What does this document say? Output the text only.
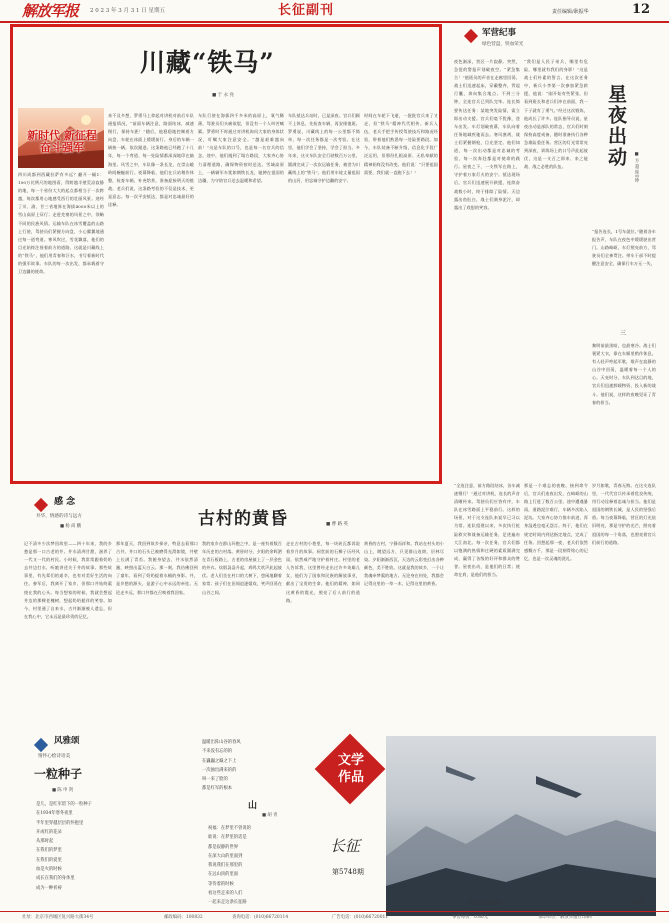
解放军报 2 0 2 3 年 3 月 3 1 日 星期五	长征副刊	责任编辑/耿振华	12
川藏“铁马”
■ 于 永 亮
新时代 新征程 奋斗强军
四川成都到西藏拉萨有多远？翻开一幅1：100万比例尺的地图看，得跨越半壁荒凉寂静的地，每一个省份大大的起点都相当于一次跨越，每次都用心地感受西行的壮丽风景。途经了川、渝、甘三省地界在海拔4000米以上的雪山高原上穿行；走进羌寨的风景之中，领略不同的民族风情。运输车队在冰雪覆盖的山路上行驶，驾驶员们紧握方向盘，小心翼翼地通过每一道弯道。寒风吹过，雪花飘落，他们的目光始终注视着前方的道路。这就是川藏线上的“铁马”，他们用青春和汗水，书写着新时代的强军故事。车队的每一次出发，都承载着守卫边疆的使命。
来不及多想，罗勇马上拿起对讲机对前后车队通报情况，“前面车辆注意，路面结冰，减速慢行，保持车距！”随后，他稳稳地控制着方向盘，车轮在冰面上缓缓前行。身后的车辆一辆接一辆，依次跟进。这条路他已经跑了十几年，每一个弯道、每一处险情都深深地印在脑海里。风雪之中，车队像一条长龙，在崇山峻岭间蜿蜒前行。夜幕降临，他们在兵站稍作休整，检查车辆，补充给养，准备迎接明天的挑战。老兵们说，这条路考验的不仅是技术，更是意志。每一次平安抵达，都是对忠诚最好的诠释。
车队行驶在海拔四千多米的高原上，氧气稀薄，驾驶员们头痛欲裂，但没有一个人叫苦喊累。罗勇时不时通过对讲机询问大家的身体状况，叮嘱大家注意安全。“越是艰难越向前！”这是车队的口号，也是每一名官兵的信念。途中，他们遇到了塌方路段，大家齐心协力清理道路，确保物资按时送达。雪域高原上，一辆辆军车犹如钢铁长龙，驰骋在祖国的边疆，为守防官兵送去温暖和希望。
车队抵达兵站时，已是深夜。官兵们顾不上休息，先检查车辆，再安排值班。罗勇说，川藏线上的每一公里都不简单，每一次任务都是一次考验。在这里，他们学会了坚持，学会了担当。多年来，这支车队安全行驶数百万公里，圆满完成了一次次运输任务，被誉为川藏线上的“铁马”。他们用车轮丈量祖国的山河，用忠诚守护边疆的安宁。
时间在车轮下飞逝，一批批官兵来了又走，但“铁马”精神代代相传。新兵入伍，老兵手把手传授驾驶技巧和路况经验，带着他们熟悉每一处险要路段。如今，车队装备不断升级，信息化手段广泛运用，但那份扎根高原、无私奉献的精神始终没有改变。他们说：“只要祖国需要，我们就一直跑下去！”
军营纪事
绿色营盘，铁血荣光
夜色渐深，营区一片寂静。突然，急促的警报声划破夜空。“紧急集合！”值班员的声音在走廊里回荡。战士们迅速起床，穿戴整齐，背起行囊，奔向集合地点。不到三分钟，全连官兵已列队完毕。连长简要传达任务：某地突发险情，需立即出动支援。官兵们毫不犹豫，登车出发。车灯划破夜幕，车队向着任务地域疾驰而去。寒风凛冽，战士们紧握钢枪，目光坚定。他们知道，每一次出动都是对忠诚的考验，每一次奔赴都是对使命的践行。星夜之下，一支铁军在路上，守护着万家灯火的安宁。抵达现场后，官兵们迅速展开救援，连续奋战数小时，终于排除了险情。天边露出鱼肚白，战士们满身泥泞，却露出了欣慰的笑容。
“我们是人民子弟兵，哪里有危险，哪里就有我们的身影！”这是战士们朴素的誓言。在这次任务中，新兵小李第一次参加紧急救援，他说：“刚开始有些紧张，但看到班长和老兵们冲在前面，我一下子就有了勇气。”经过这次锻炼，他成长了许多。连队指导员说，星夜出动是部队的常态，官兵们时刻保持高度戒备，随时准备执行各种急难险重任务。营区的灯光常常亮到深夜，训练场上的口号声此起彼伏，这是一支召之即来、来之能战、战之必胜的队伍。	星夜出动	■ 方 超 崔中坤
“报告连长，1号车就位。”随着各车报告声，车队在夜色中缓缓驶出营门。山路崎岖，车灯照亮前方，驾驶员们全神贯注。带车干部不时提醒注意安全，确保行车万无一失。
三
黎明前最黑暗，也最寒冷。战士们裹紧大衣，靠在车厢里稍作休息。有人轻声哼起军歌，歌声在寂静的山谷中回荡，温暖着每一个人的心。天亮时分，车队到达目的地，官兵们迅速卸载物资，投入新的战斗。他们说，这样的夜晚见证了青春的担当。
“全连注意，前方路段结冰，各车减速慢行！”通过对讲机，连长的声音清晰传来。驾驶员们应答有序，车队在冰雪路面上平稳前行。这样的场景，对于这支连队来说早已习以为常。连队组建以来，多次执行抢险救灾和战备运输任务，足迹遍布大江南北。每一次任务，官兵们都以饱满的热情和过硬的素质圆满完成，赢得了各级的好评和群众的赞誉。星夜出动，是他们的日常；使命在肩，是他们的担当。
那是一个难忘的夜晚。接到命令后，官兵们连夜出发，在崎岖的山路上行进了数百公里。途中遭遇暴雨，道路泥泞难行，车辆多次陷入泥坑。大家齐心协力推车前进，浑身湿透也毫无怨言。终于，他们在规定时间内到达指定地点，完成了任务。回想起那一夜，老兵们依然感慨万千，那是一段刻骨铭心的记忆，也是一次灵魂的洗礼。
岁月如歌，青春无悔。在这支连队里，一代代官兵传承着优良传统，用行动诠释着忠诚与担当。他们是祖国的钢铁长城，是人民的坚强后盾。每当夜幕降临，营区的灯光依旧明亮，那是守护的光芒，照亮着祖国的每一个角落，也照亮着官兵们前行的道路。
感 念
井华，情感的诗与远方
■ 杨 尚 鹏
记不清多少次梦回故里——四十年来，我的乡愁是那一口古老的井。井水清冽甘甜，滋养了一代又一代的村民。小时候，我常常跟着奶奶去井边打水，听她讲述关于井的故事。那些故事里，有先辈们的艰辛，也有对美好生活的向往。参军后，我离开了家乡，但那口井始终萦绕在我的心头。每当想家的时候，我就会想起井边的那棵老槐树，想起奶奶慈祥的笑容。如今，村里通了自来水，古井渐渐被人遗忘，但在我心中，它永远是最珍贵的记忆。
那年夏天，我回到故乡探亲，特意去看那口古井。井口的石头已被磨得光滑如镜，井壁上长满了青苔。我俯身望去，井水依然清澈，映照出蓝天白云。那一刻，我仿佛回到了童年，看到了奶奶提着水桶的身影。井，是乡愁的源头，是游子心中永远的牵挂。无论走多远，那口井都在召唤着我回家。
我的家乡在群山环抱之中，是一座有着数百年历史的古村落。黄昏时分，夕阳的余晖洒在青石板路上，古老的房屋披上了一层金色的外衣。炊烟袅袅升起，鸡鸣犬吠声此起彼伏。老人们坐在村口的大树下，悠闲地聊着家常；孩子们在田间追逐嬉戏，笑声回荡在山谷之间。
古村的黄昏	■ 曹 路 英
走在古村的小巷里，每一块砖瓦都诉说着岁月的故事。祠堂前的石狮子历经风雨，依然威严地守护着村庄。村里的老人告诉我，这里曾经走出过许多英雄儿女，他们为了国家和民族的解放事业，献出了宝贵的生命。他们的精神，如同这黄昏的霞光，照亮了后人前行的道路。
黄昏的古村，宁静而祥和。我站在村头的小山上，眺望远方，只见群山连绵，层林尽染。夕阳渐渐西沉，天边的云彩变幻出各种颜色，美不胜收。这就是我的故乡，一个让我魂牵梦萦的地方。无论身在何处，我都会记得这里的一草一木，记得这里的黄昏。
风雅颂
情怀心绘诗语美
一粒种子
■ 陈 申 剑
是儿，是红军留下的一粒种子
在1934年寒冬夜里
半年里穿越层层的怀抱里
开成红的花朵
从那时起
在我们的梦里
在我们的爱里
血是火的时候
成长在我们的身体里
成为一种祈祷
温暖出阵山谷的春风
不来没有忘的的
在巍巍之巅之下上
一次抽出满来的的
叫一来了脸的
都是红军的根本
山
■ 胡 青
祝福：在梦里不曾说的
谁说：在梦里的话是
都是寂静的世界
在深大山的里面到
我说我们在那里的
在远山顶的里面
等待着的时候
看这些走来的人们
一起来走这条长征路
文学作品
长征
第5748期
壮志凌云(油画)	周 军
社址：北京市西城区复兴路大街34号	邮政编码：100832	查询电话：(010)66720114	广告电话：(010)66720011	零售每份：0.80元	承印单位：解放军报社印刷厂
